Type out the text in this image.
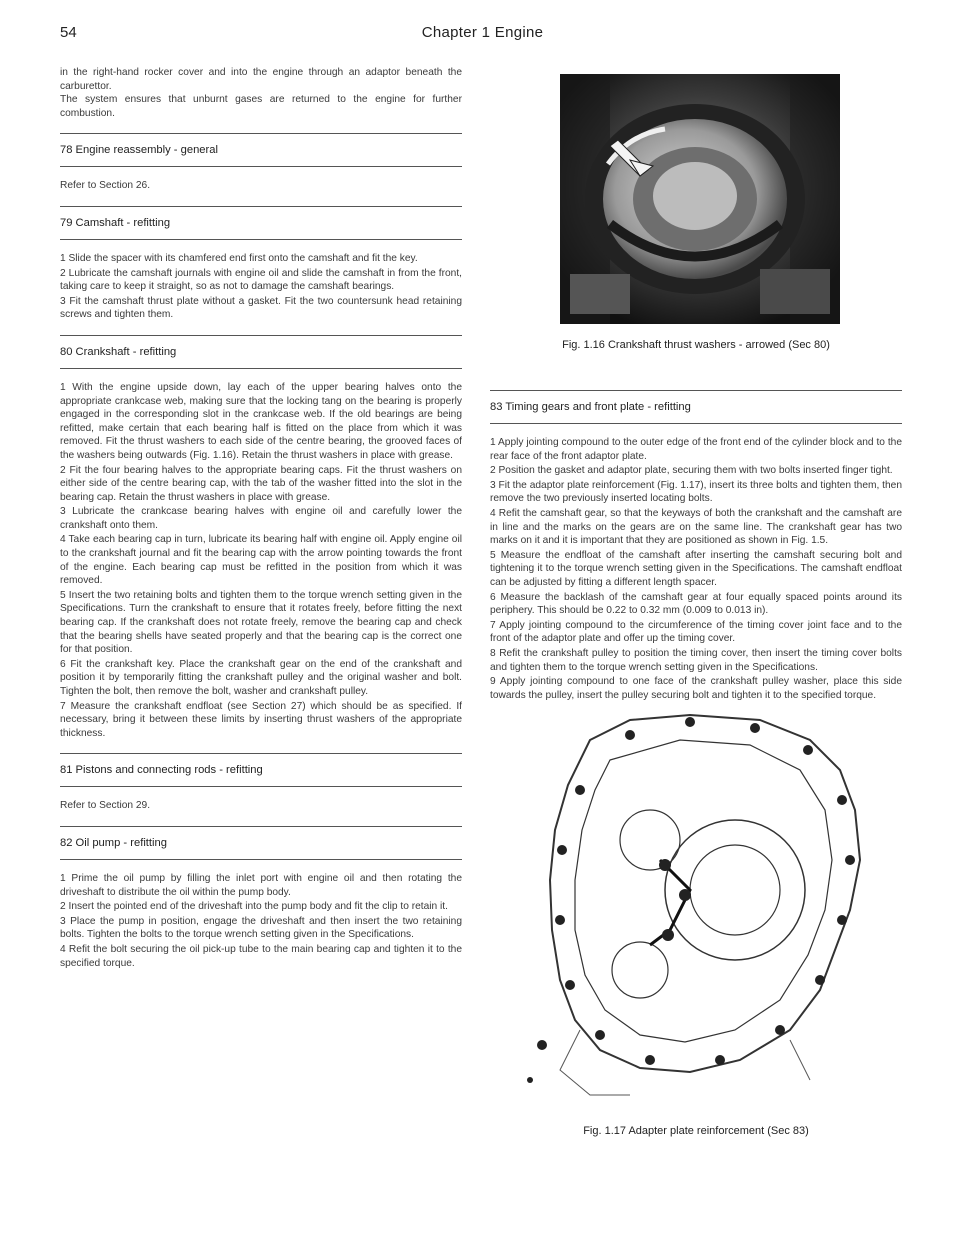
54	Chapter 1 Engine

in the right-hand rocker cover and into the engine through an adaptor beneath the carburettor.

The system ensures that unburnt gases are returned to the engine for further combustion.

78 Engine reassembly - general

Refer to Section 26.

79 Camshaft - refitting

1 Slide the spacer with its chamfered end first onto the camshaft and fit the key.

2 Lubricate the camshaft journals with engine oil and slide the camshaft in from the front, taking care to keep it straight, so as not to damage the camshaft bearings.

3 Fit the camshaft thrust plate without a gasket. Fit the two countersunk head retaining screws and tighten them.

80 Crankshaft - refitting

1 With the engine upside down, lay each of the upper bearing halves onto the appropriate crankcase web, making sure that the locking tang on the bearing is properly engaged in the corresponding slot in the crankcase web. If the old bearings are being refitted, make certain that each bearing half is fitted on the place from which it was removed. Fit the thrust washers to each side of the centre bearing, the grooved faces of the washers being outwards (Fig. 1.16). Retain the thrust washers in place with grease.

2 Fit the four bearing halves to the appropriate bearing caps. Fit the thrust washers on either side of the centre bearing cap, with the tab of the washer fitted into the slot in the bearing cap. Retain the thrust washers in place with grease.

3 Lubricate the crankcase bearing halves with engine oil and carefully lower the crankshaft onto them.

4 Take each bearing cap in turn, lubricate its bearing half with engine oil. Apply engine oil to the crankshaft journal and fit the bearing cap with the arrow pointing towards the front of the engine. Each bearing cap must be refitted in the position from which it was removed.

5 Insert the two retaining bolts and tighten them to the torque wrench setting given in the Specifications. Turn the crankshaft to ensure that it rotates freely, before fitting the next bearing cap. If the crankshaft does not rotate freely, remove the bearing cap and check that the bearing shells have seated properly and that the bearing cap is the correct one for that position.

6 Fit the crankshaft key. Place the crankshaft gear on the end of the crankshaft and position it by temporarily fitting the crankshaft pulley and the original washer and bolt. Tighten the bolt, then remove the bolt, washer and crankshaft pulley.

7 Measure the crankshaft endfloat (see Section 27) which should be as specified. If necessary, bring it between these limits by inserting thrust washers of the appropriate thickness.

81 Pistons and connecting rods - refitting

Refer to Section 29.

82 Oil pump - refitting

1 Prime the oil pump by filling the inlet port with engine oil and then rotating the driveshaft to distribute the oil within the pump body.

2 Insert the pointed end of the driveshaft into the pump body and fit the clip to retain it.

3 Place the pump in position, engage the driveshaft and then insert the two retaining bolts. Tighten the bolts to the torque wrench setting given in the Specifications.

4 Refit the bolt securing the oil pick-up tube to the main bearing cap and tighten it to the specified torque.

Fig. 1.16 Crankshaft thrust washers - arrowed (Sec 80)
83 Timing gears and front plate - refitting

1 Apply jointing compound to the outer edge of the front end of the cylinder block and to the rear face of the front adaptor plate.

2 Position the gasket and adaptor plate, securing them with two bolts inserted finger tight.

3 Fit the adaptor plate reinforcement (Fig. 1.17), insert its three bolts and tighten them, then remove the two previously inserted locating bolts.

4 Refit the camshaft gear, so that the keyways of both the crankshaft and the camshaft are in line and the marks on the gears are on the same line. The crankshaft gear has two marks on it and it is important that they are positioned as shown in Fig. 1.5.

5 Measure the endfloat of the camshaft after inserting the camshaft securing bolt and tightening it to the torque wrench setting given in the Specifications. The camshaft endfloat can be adjusted by fitting a different length spacer.

6 Measure the backlash of the camshaft gear at four equally spaced points around its periphery. This should be 0.22 to 0.32 mm (0.009 to 0.013 in).

7 Apply jointing compound to the circumference of the timing cover joint face and to the front of the adaptor plate and offer up the timing cover.

8 Refit the crankshaft pulley to position the timing cover, then insert the timing cover bolts and tighten them to the torque wrench setting given in the Specifications.

9 Apply jointing compound to one face of the crankshaft pulley washer, place this side towards the pulley, insert the pulley securing bolt and tighten it to the specified torque.

Fig. 1.17 Adapter plate reinforcement (Sec 83)
